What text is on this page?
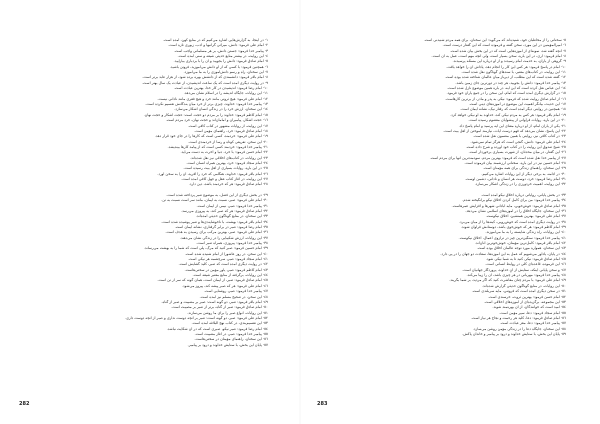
٥- سخنانی را از مخاطبان خود، شنیده‌اند که می‌گوید: این سخنان، برای همه مردم شنیدنی است.
٦- امیرالمؤمنین در این مورد، سخن گفته و فرموده است که این گفتار درست است.
٧- آنچه گفته شد، نمونه‌ای از آموزه‌هایی است که در این بخش بیان شده است.
٨- امام فرمود: آری، در این باره، سخن بسیار است، ولی آنچه مهم است، عمل به آن است.
٩- گروهی از یاران، به خدمت امام رسیدند و از او درباره این مسئله پرسیدند.
١٠- امام در پاسخ فرمود: هر کس این کار را انجام دهد، پاداش آن را خواهد یافت.
١١- این روایت، در کتاب‌های معتبر، با سندهای گوناگون نقل شده است.
١٢- گفته شده است که این مطلب، از دیرباز میان عالمان شناخته شده بوده است.
١٣- پیامبر خدا فرمود: دانش را بجویید، هر چند در دورترین جای زمین باشد.
١٤- ابن عباس نقل کرده است که این آیه، در باره همین موضوع نازل شده است.
١٥- در گزارش دیگری آمده است که امام، این سخن را در جمع یاران خود فرمود.
١٦- از امام صادق روایت شده که فرمود: نیکی به پدر و مادر، از برترین کارهاست.
١٧- این حدیث، بیانگر اهمیت این موضوع در آموزه‌های دینی است.
١٨- همچنین در روایتی دیگر آمده است که رفتار نیک، نشانه ایمان است.
١٩- امام باقر فرمود: هر کس به مردم نیکی کند، خداوند به او نیکی خواهد کرد.
٢٠- در این باره، روایات فراوانی از پیشوایان معصوم رسیده است.
٢١- یکی از یاران امام، از او درباره معنای این آیه پرسید و امام پاسخ داد.
٢٢- این پاسخ، نشان می‌دهد که فهم درست آیات، نیازمند آموختن از اهل بیت است.
٢٣- در کتاب کافی نیز، روایتی با همین مضمون نقل شده است.
٢٤- امام علی فرمود: دانش، گنجی است که هرگز تمام نمی‌شود.
٢٥- شیخ صدوق این روایت را در کتاب خود آورده و شرح داده است.
٢٦- این گفتار، در میان محدثان، از شهرت بسیاری برخوردار است.
٢٧- از پیامبر خدا نقل شده است که فرمود: بهترین مردم، سودمندترین آنها برای مردم است.
٢٨- امام حسین نیز در این باره، سخنانی ارزشمند بیان فرموده است.
٢٩- این سخنان، راهنمای زندگی برای همه مؤمنان است.
٣٠- در ادامه، به برخی دیگر از این روایات اشاره می‌کنیم.
٣١- امام رضا فرمود: خرد، دوست هر انسان و نادانی، دشمن اوست.
٣٢- این روایت، اهمیت خردورزی را در زندگی آشکار می‌سازد.
٣٣- در بخش پایانی، روایاتی درباره اخلاق نیکو آمده است.
٣٤- پیامبر خدا فرمود: من برای کامل کردن اخلاق نیکو برانگیخته شدم.
٣٥- امام صادق فرمود: خوش‌خویی، مایه آبادانی شهرها و افزایش عمرهاست.
٣٦- این سخنان، جایگاه اخلاق را در آموزه‌های اسلامی نشان می‌دهد.
٣٧- امام علی فرمود: بهترین همنشین، اخلاق نیکوست.
٣٨- در روایت دیگری آمده است که خوش‌رویی، کینه‌ها را از میان می‌برد.
٣٩- امام کاظم فرمود: هر که خوش‌خوی باشد، دوستانش فراوان شوند.
٤٠- این روایات، راه زندگی شایسته را به ما می‌آموزند.
٤١- پیامبر خدا فرمود: سنگین‌ترین چیز در ترازوی اعمال، اخلاق نیکوست.
٤٢- امام باقر فرمود: کامل‌ترین مؤمنان، خوش‌خوترین آنان‌اند.
٤٣- این سخنان، همواره مورد توجه عالمان اخلاق بوده است.
٤٤- در پایان، یادآور می‌شویم که عمل به این آموزه‌ها، سعادت دو جهان را در پی دارد.
٤٥- امام صادق فرمود: نیکی کنید تا به شما نیکی شود.
٤٦- این فرموده، قاعده‌ای کلی در روابط انسانی است.
٤٧- و سخن پایانی اینکه، ستایش از آنِ خداوند، پروردگار جهانیان است.
٤٨- پیامبر خدا فرمود: مهربانی در هر چیزی باشد، آن را زیبا می‌کند.
٤٩- امام علی فرمود: با مردم چنان معاشرت کنید که اگر مردید، بر شما بگریند.
٥٠- این روایات، در منابع گوناگون حدیثی گزارش شده‌اند.
٥١- در سخن دیگری آمده است که فروتنی، مایه سربلندی است.
٥٢- امام حسن فرمود: بهترین ثروت، خرسندی است.
٥٣- این مجموعه، برگزیده‌ای از آموزه‌های اخلاقی است.
٥٤- امید است که خوانندگان، از آن بهره‌مند شوند.
٥٥- امام سجاد فرمود: دعا، سپر مؤمن است.
٥٦- امام صادق فرمود: دعا، کلید هر رحمت و نجاح هر نیاز است.
٥٧- پیامبر خدا فرمود: دعا، مغز عبادت است.
٥٨- این سخنان، جایگاه دعا را در زندگی مؤمن روشن می‌سازد.
٥٩- پایان این بخش، با ستایش خداوند و درود بر پیامبر و خاندان پاکش.
283
١- در اینجا، به گزارش‌هایی اشاره می‌کنیم که در منابع کهن، آمده است.
٢- امام علی فرمود: دانش، میراثی گرانبها و ادب، زیوری تازه است.
٣- پیامبر خدا فرمود: جستن دانش، بر هر مسلمانی واجب است.
٤- این روایت، در بیشتر منابع حدیثی شیعه و سنی آمده است.
٥- امام صادق فرمود: دانش را بجویید و آن را با بردباری بیارایید.
٦- همچنین فرمود: با کسی که از او دانش می‌آموزید، فروتن باشید.
٧- این سخنان، راه و رسم دانش‌آموزی را به ما می‌آموزد.
٨- امام باقر فرمود: دانشمندی که از دانشش بهره برده شود، از هزار عابد برتر است.
٩- در روایت دیگری آمده است که یک ساعت اندیشیدن، از عبادت یک سال بهتر است.
١٠- امام رضا فرمود: اندیشیدن در کار خدا، بهترین عبادت است.
١١- این روایات، جایگاه اندیشه را در اسلام نشان می‌دهد.
١٢- امام علی فرمود: هیچ ثروتی مانند خرد و هیچ فقری مانند نادانی نیست.
١٣- پیامبر خدا فرمود: خداوند، چیزی برتر از خرد میان بندگانش تقسیم نکرده است.
١٤- این سخنان، ارزش خرد را در زندگی انسان آشکار می‌سازد.
١٥- امام کاظم فرمود: خداوند را بر مردم دو حجت است: حجت آشکار و حجت نهان.
١٦- حجت آشکار، پیامبران و امامان‌اند و حجت نهان، خرد مردم است.
١٧- این روایت، از روایات مشهور در کتاب کافی است.
١٨- امام صادق فرمود: خرد، راهنمای مؤمن است.
١٩- امام علی فرمود: خردمند، کسی است که کارها را در جای خود قرار دهد.
٢٠- این سخن، تعریفی کوتاه و رسا از خردمندی است.
٢١- پیامبر خدا فرمود: خردمند کسی است که از پیامد کارها بیندیشد.
٢٢- امام حسن فرمود: با خرد، دنیا و آخرت به دست می‌آید.
٢٣- این روایات، در کتاب‌های اخلاقی نیز نقل شده‌اند.
٢٤- امام سجاد فرمود: خرد، بهترین همراه انسان است.
٢٥- در این باره، روایات بسیاری از اهل بیت رسیده است.
٢٦- امام باقر فرمود: خداوند، هنگامی که خرد را آفرید، آن را به سخن آورد.
٢٧- این روایت، در آغاز کتاب عقل و جهل کافی آمده است.
٢٨- امام صادق فرمود: هر که خردمند باشد، دین دارد.
٢٩- در بخش دیگری از این فصل، به موضوع صبر پرداخته شده است.
٣٠- امام علی فرمود: صبر، نسبت به ایمان، مانند سر است نسبت به تن.
٣١- پیامبر خدا فرمود: صبر، نیمی از ایمان است.
٣٢- امام صادق فرمود: هر که صبر کند، به پیروزی می‌رسد.
٣٣- این سخنان، در منابع گوناگون حدیثی آمده‌اند.
٣٤- امام باقر فرمود: بهشت، با ناخوشایندی‌ها و صبر پوشیده شده است.
٣٥- امام رضا فرمود: صبر در برابر گرفتاری، نشانه ایمان است.
٣٦- امام علی فرمود: صبر، بهترین مرکب برای رسیدن به هدف است.
٣٧- این روایات، ارزش شکیبایی را در زندگی نشان می‌دهند.
٣٨- پیامبر خدا فرمود: پیروزی، همراه صبر است.
٣٩- امام حسین فرمود: صبر کنید که مرگ، پلی است که شما را به بهشت می‌رساند.
٤٠- این سخن، در روز عاشورا از امام شنیده شده است.
٤١- امام سجاد فرمود: صبر، سرچشمه هر نیکی است.
٤٢- در روایت دیگری آمده است که صبر، کلید گشایش است.
٤٣- امام کاظم فرمود: صبر، یاور مؤمن در سختی‌هاست.
٤٤- این روایات، برگرفته از منابع معتبر شیعه است.
٤٥- امام صادق فرمود: صبر، از ایمان است، همان گونه که سر از تن است.
٤٦- امام علی فرمود: هر که صبر پیشه کند، پیروز می‌شود.
٤٧- پیامبر خدا فرمود: صبر، روشنایی است.
٤٨- این سخن، در صحیح مسلم نیز آمده است.
٤٩- امام باقر فرمود: صبر، دو گونه است: صبر بر مصیبت و صبر از گناه.
٥٠- امام صادق فرمود: صبر از گناه، برتر از صبر بر مصیبت است.
٥١- این روایات، انواع صبر را برای ما روشن می‌سازند.
٥٢- امام علی فرمود: صبر، دو گونه است: صبر بر آنچه دوست نداری و صبر از آنچه دوست داری.
٥٣- این تقسیم‌بندی، در کتاب نهج البلاغه آمده است.
٥٤- امام رضا فرمود: صبر نیکو، صبری است که در آن شکایت نباشد.
٥٥- پیامبر خدا فرمود: صبر، در آغاز مصیبت است.
٥٦- این سخنان، راهنمای مؤمنان در سختی‌هاست.
٥٧- پایان این بخش، با ستایش خداوند و درود بر پیامبر.
282
